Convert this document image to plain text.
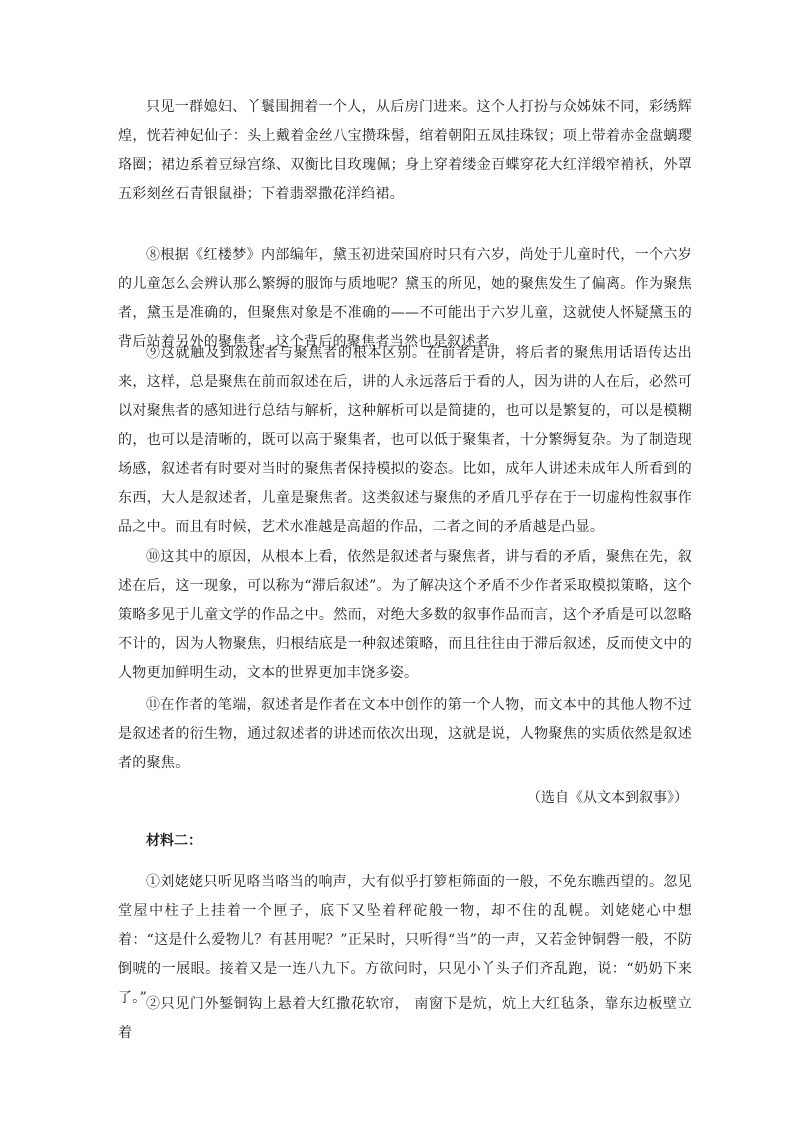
只见一群媳妇、丫鬟围拥着一个人，从后房门进来。这个人打扮与众姊妹不同，彩绣辉煌，恍若神妃仙子：头上戴着金丝八宝攒珠髻，绾着朝阳五凤挂珠钗；项上带着赤金盘螭璎珞圈；裙边系着豆绿宫绦、双衡比目玫瑰佩；身上穿着缕金百蝶穿花大红洋缎窄褃袄，外罩五彩刻丝石青银鼠褂；下着翡翠撒花洋绉裙。

⑧根据《红楼梦》内部编年，黛玉初进荣国府时只有六岁，尚处于儿童时代，一个六岁的儿童怎么会辨认那么繁缛的服饰与质地呢？黛玉的所见，她的聚焦发生了偏离。作为聚焦者，黛玉是准确的，但聚焦对象是不准确的——不可能出于六岁儿童，这就使人怀疑黛玉的背后站着另外的聚焦者，这个背后的聚焦者当然也是叙述者。

⑨这就触及到叙述者与聚焦者的根本区别。在前者是讲，将后者的聚焦用话语传达出来，这样，总是聚焦在前而叙述在后，讲的人永远落后于看的人，因为讲的人在后，必然可以对聚焦者的感知进行总结与解析，这种解析可以是简捷的，也可以是繁复的，可以是模糊的，也可以是清晰的，既可以高于聚集者，也可以低于聚集者，十分繁缛复杂。为了制造现场感，叙述者有时要对当时的聚焦者保持模拟的姿态。比如，成年人讲述未成年人所看到的东西，大人是叙述者，儿童是聚焦者。这类叙述与聚焦的矛盾几乎存在于一切虚构性叙事作品之中。而且有时候，艺术水准越是高超的作品，二者之间的矛盾越是凸显。

⑩这其中的原因，从根本上看，依然是叙述者与聚焦者，讲与看的矛盾，聚焦在先，叙述在后，这一现象，可以称为“滞后叙述”。为了解决这个矛盾不少作者采取模拟策略，这个策略多见于儿童文学的作品之中。然而，对绝大多数的叙事作品而言，这个矛盾是可以忽略不计的，因为人物聚焦，归根结底是一种叙述策略，而且往往由于滞后叙述，反而使文中的人物更加鲜明生动，文本的世界更加丰饶多姿。

⑪在作者的笔端，叙述者是作者在文本中创作的第一个人物，而文本中的其他人物不过是叙述者的衍生物，通过叙述者的讲述而依次出现，这就是说，人物聚焦的实质依然是叙述者的聚焦。

（选自《从文本到叙事》）

材料二：

①刘姥姥只听见咯当咯当的响声，大有似乎打箩柜筛面的一般，不免东瞧西望的。忽见堂屋中柱子上挂着一个匣子，底下又坠着秤砣般一物，却不住的乱幌。刘姥姥心中想着：“这是什么爱物儿？有甚用呢？”正呆时，只听得“当”的一声，又若金钟铜磬一般，不防倒唬的一展眼。接着又是一连八九下。方欲问时，只见小丫头子们齐乱跑，说：“奶奶下来了。”

②只见门外錾铜钩上悬着大红撒花软帘， 南窗下是炕，炕上大红毡条，靠东边板壁立着
